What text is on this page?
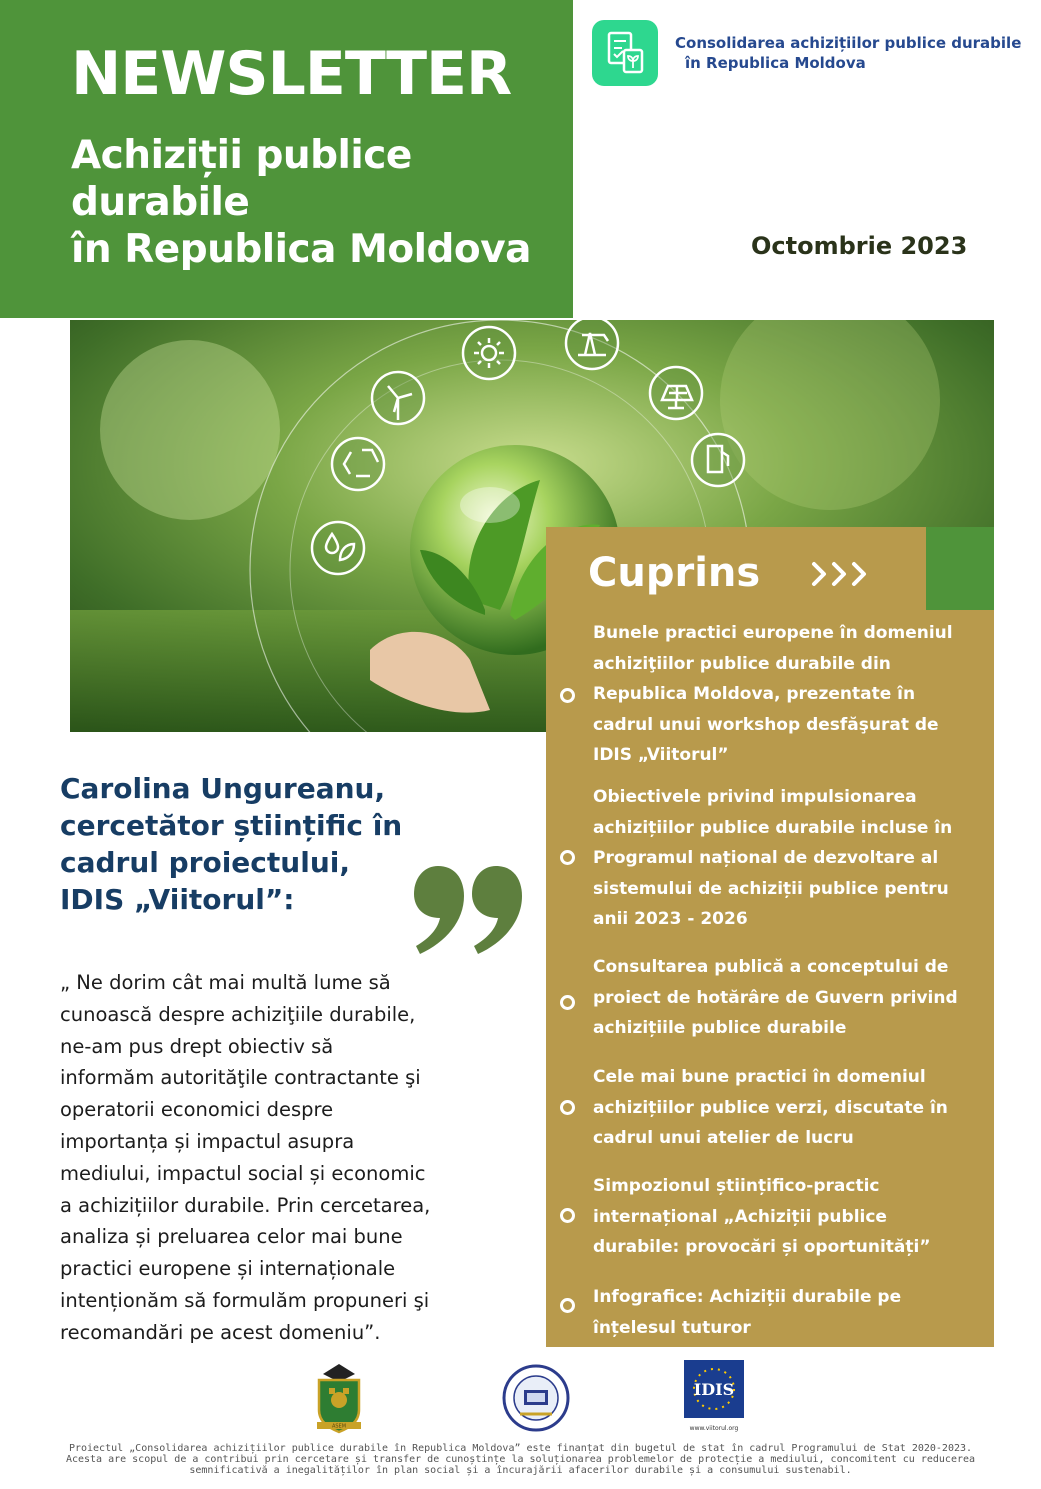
NEWSLETTER
Achiziții publice
durabile
în Republica Moldova
Consolidarea achizițiilor publice durabile
în Republica Moldova
Octombrie 2023
Carolina Ungureanu,
cercetător științific în
cadrul proiectului,
IDIS „Viitorul”:

„ Ne dorim cât mai multă lume să
cunoască despre achiziţiile durabile,
ne-am pus drept obiectiv să
informăm autorităţile contractante şi
operatorii economici despre
importanța și impactul asupra
mediului, impactul social și economic
a achizițiilor durabile. Prin cercetarea,
analiza și preluarea celor mai bune
practici europene și internaționale
intenționăm să formulăm propuneri şi
recomandări pe acest domeniu”.

Cuprins
Bunele practici europene în domeniul
achiziţiilor publice durabile din
Republica Moldova, prezentate în
cadrul unui workshop desfăşurat de
IDIS „Viitorul”
Obiectivele privind impulsionarea
achizițiilor publice durabile incluse în
Programul național de dezvoltare al
sistemului de achiziții publice pentru
anii 2023 - 2026
Consultarea publică a conceptului de
proiect de hotărâre de Guvern privind
achizițiile publice durabile
Cele mai bune practici în domeniul
achizițiilor publice verzi, discutate în
cadrul unui atelier de lucru
Simpozionul științifico-practic
internațional „Achiziții publice
durabile: provocări și oportunități”
Infografice: Achiziții durabile pe
înțelesul tuturor
ASEM
IDIS
www.viitorul.org

Proiectul „Consolidarea achizițiilor publice durabile în Republica Moldova” este finanțat din bugetul de stat în cadrul Programului de Stat 2020-2023.
Acesta are scopul de a contribui prin cercetare și transfer de cunoștințe la soluționarea problemelor de protecție a mediului, concomitent cu reducerea
semnificativă a inegalităților în plan social și a încurajării afacerilor durabile și a consumului sustenabil.
